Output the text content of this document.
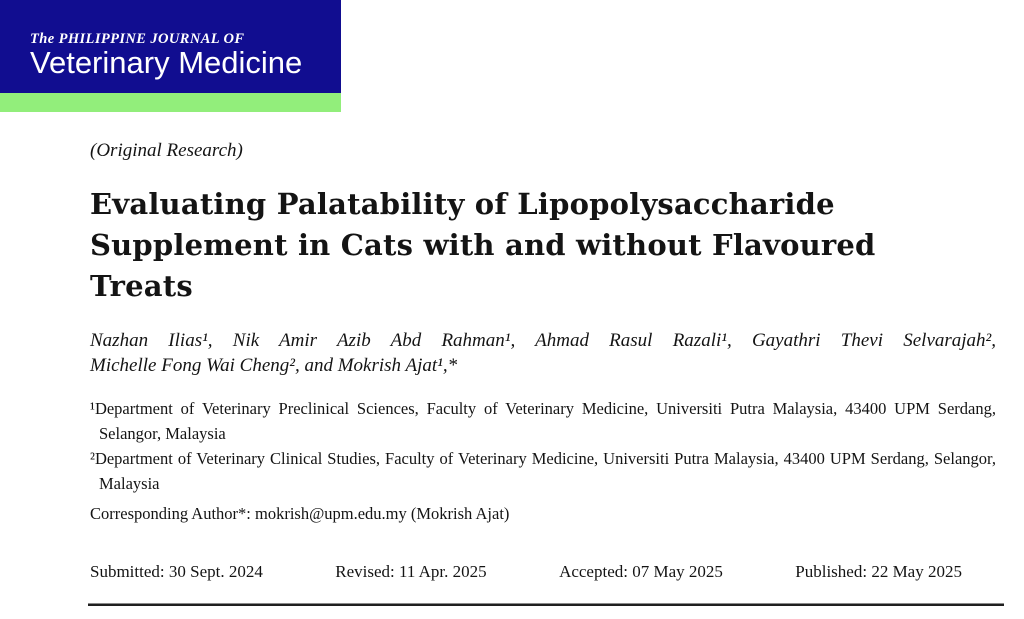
The PHILIPPINE JOURNAL OF
Veterinary Medicine
(Original Research)
Evaluating Palatability of Lipopolysaccharide
Supplement in Cats with and without Flavoured
Treats
Nazhan Ilias¹, Nik Amir Azib Abd Rahman¹, Ahmad Rasul Razali¹, Gayathri Thevi Selvarajah²,
Michelle Fong Wai Cheng², and Mokrish Ajat¹,*
¹Department of Veterinary Preclinical Sciences, Faculty of Veterinary Medicine, Universiti Putra Malaysia, 43400 UPM Serdang, Selangor, Malaysia
²Department of Veterinary Clinical Studies, Faculty of Veterinary Medicine, Universiti Putra Malaysia, 43400 UPM Serdang, Selangor, Malaysia
Corresponding Author*: mokrish@upm.edu.my (Mokrish Ajat)
Submitted: 30 Sept. 2024	Revised: 11 Apr. 2025	Accepted: 07 May 2025	Published: 22 May 2025
